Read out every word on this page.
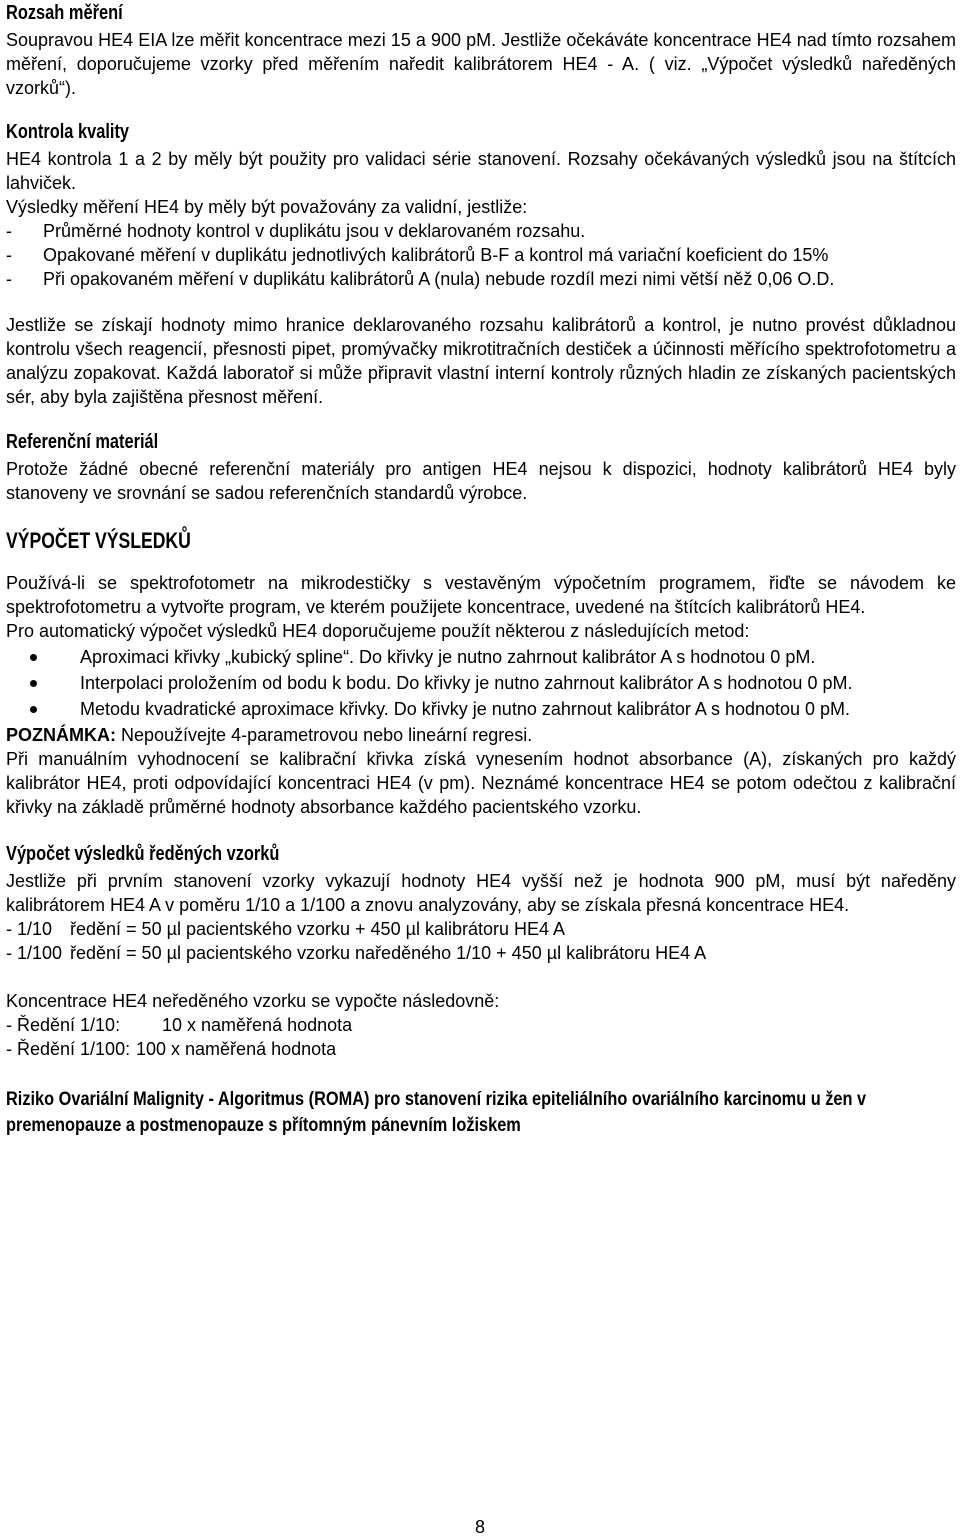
Rozsah měření

Soupravou HE4 EIA lze měřit koncentrace mezi 15 a 900 pM. Jestliže očekáváte koncentrace HE4 nad tímto rozsahem měření, doporučujeme vzorky před měřením naředit kalibrátorem HE4 - A. ( viz. „Výpočet výsledků naředěných vzorků“).

Kontrola kvality

HE4 kontrola 1 a 2 by měly být použity pro validaci série stanovení. Rozsahy očekávaných výsledků jsou na štítcích lahviček.

Výsledky měření HE4 by měly být považovány za validní, jestliže:

- Průměrné hodnoty kontrol v duplikátu jsou v deklarovaném rozsahu.
- Opakované měření v duplikátu jednotlivých kalibrátorů B-F a kontrol má variační koeficient do 15%
- Při opakovaném měření v duplikátu kalibrátorů A (nula) nebude rozdíl mezi nimi větší něž 0,06 O.D.

Jestliže se získají hodnoty mimo hranice deklarovaného rozsahu kalibrátorů a kontrol, je nutno provést důkladnou kontrolu všech reagencií, přesnosti pipet, promývačky mikrotitračních destiček a účinnosti měřícího spektrofotometru a analýzu zopakovat. Každá laboratoř si může připravit vlastní interní kontroly různých hladin ze získaných pacientských sér, aby byla zajištěna přesnost měření.

Referenční materiál

Protože žádné obecné referenční materiály pro antigen HE4 nejsou k dispozici, hodnoty kalibrátorů HE4 byly stanoveny ve srovnání se sadou referenčních standardů výrobce.

VÝPOČET VÝSLEDKŮ

Používá-li se spektrofotometr na mikrodestičky s vestavěným výpočetním programem, řiďte se návodem ke spektrofotometru a vytvořte program, ve kterém použijete koncentrace, uvedené na štítcích kalibrátorů HE4.

Pro automatický výpočet výsledků HE4 doporučujeme použít některou z následujících metod:

Aproximaci křivky „kubický spline“. Do křivky je nutno zahrnout kalibrátor A s hodnotou 0 pM.
Interpolaci proložením od bodu k bodu. Do křivky je nutno zahrnout kalibrátor A s hodnotou 0 pM.
Metodu kvadratické aproximace křivky. Do křivky je nutno zahrnout kalibrátor A s hodnotou 0 pM.

POZNÁMKA: Nepoužívejte 4-parametrovou nebo lineární regresi.

Při manuálním vyhodnocení se kalibrační křivka získá vynesením hodnot absorbance (A), získaných pro každý kalibrátor HE4, proti odpovídající koncentraci HE4 (v pm). Neznámé koncentrace HE4 se potom odečtou z kalibrační křivky na základě průměrné hodnoty absorbance každého pacientského vzorku.

Výpočet výsledků ředěných vzorků

Jestliže při prvním stanovení vzorky vykazují hodnoty HE4 vyšší než je hodnota 900 pM, musí být naředěny kalibrátorem HE4 A v poměru 1/10 a 1/100 a znovu analyzovány, aby se získala přesná koncentrace HE4.

- 1/10 ředění = 50 µl pacientského vzorku + 450 µl kalibrátoru HE4 A

- 1/100 ředění = 50 µl pacientského vzorku naředěného 1/10 + 450 µl kalibrátoru HE4 A

Koncentrace HE4 neředěného vzorku se vypočte následovně:

- Ředění 1/10: 10 x naměřená hodnota

- Ředění 1/100: 100 x naměřená hodnota

Riziko Ovariální Malignity - Algoritmus (ROMA) pro stanovení rizika epiteliálního ovariálního karcinomu u žen v premenopauze a postmenopauze s přítomným pánevním ložiskem
8
